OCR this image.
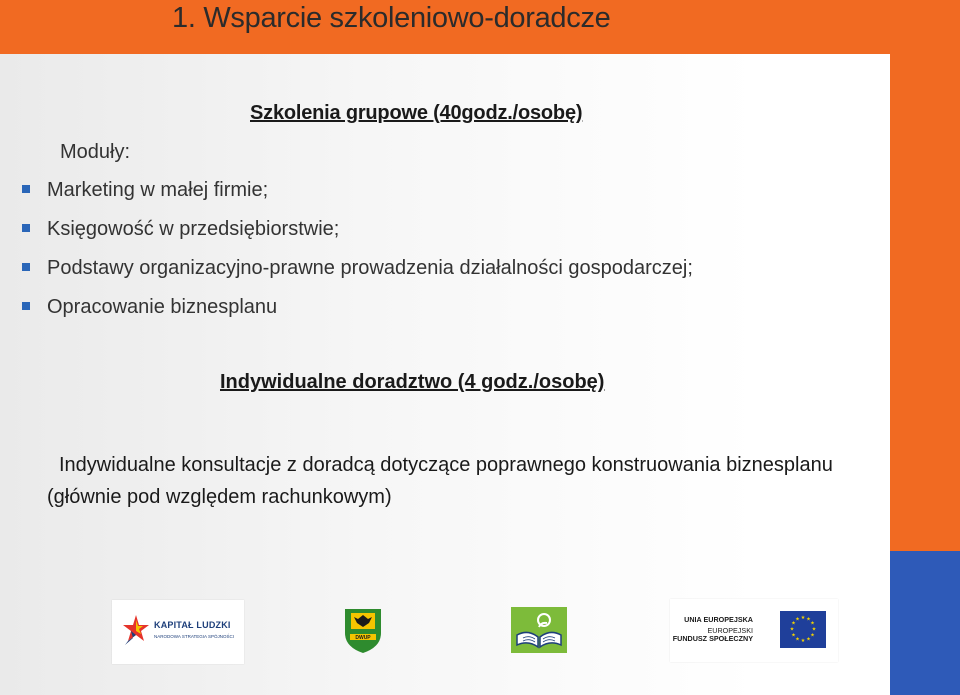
1. Wsparcie szkoleniowo-doradcze
Szkolenia grupowe (40godz./osobę)
Moduły:
Marketing w małej firmie;
Księgowość w przedsiębiorstwie;
Podstawy organizacyjno-prawne prowadzenia działalności gospodarczej;
Opracowanie biznesplanu
Indywidualne doradztwo (4 godz./osobę)

Indywidualne konsultacje z doradcą dotyczące poprawnego konstruowania biznesplanu (głównie pod względem rachunkowym)

KAPITAŁ LUDZKI
NARODOWA STRATEGIA SPÓJNOŚCI	DWUP
UNIA EUROPEJSKA
EUROPEJSKI
FUNDUSZ SPOŁECZNY
★ ★
★
★
★
★
★
★
★
★
★
★
